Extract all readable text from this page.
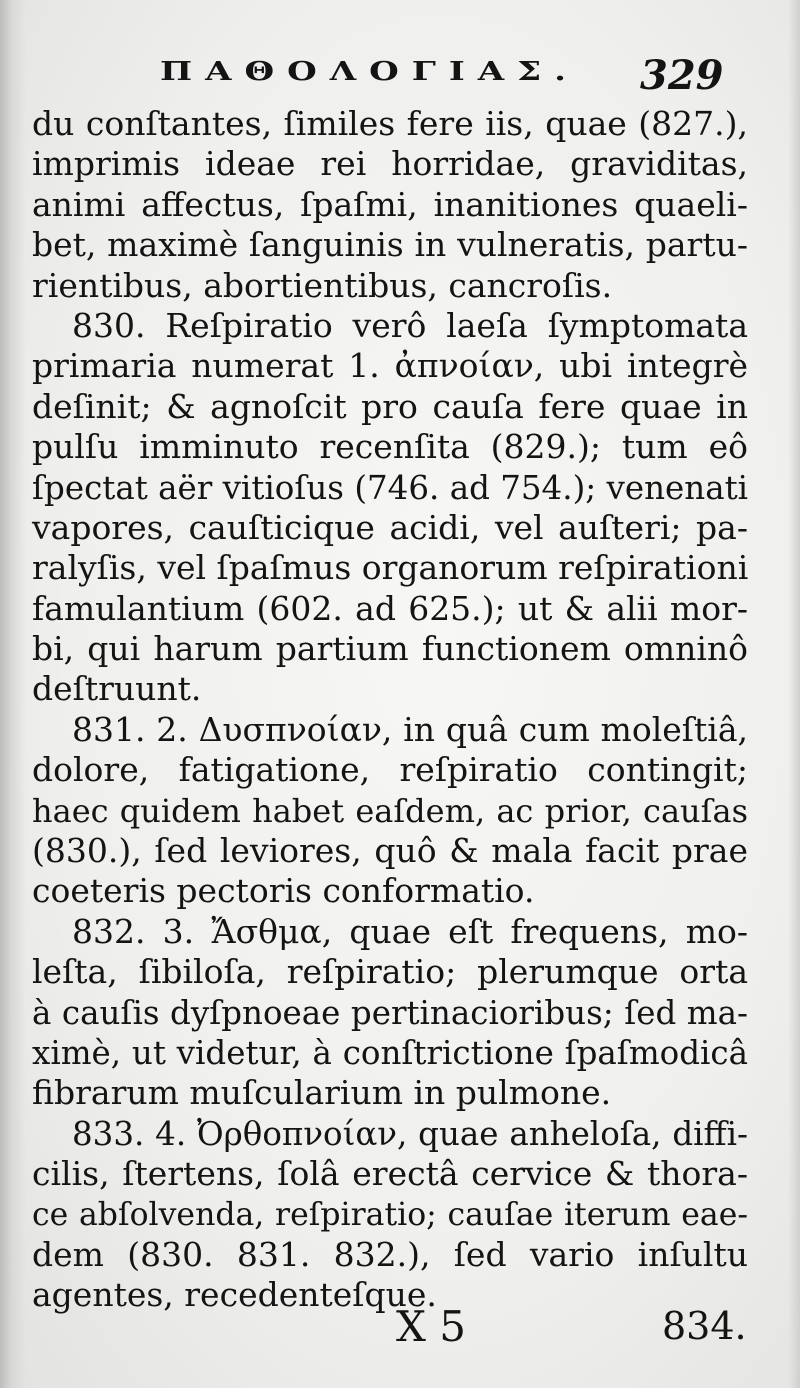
ΠΑΘΟΛΟΓΙΑΣ. 329
du conſtantes, ſimiles fere iis, quae (827.),
imprimis ideae rei horridae, graviditas,
animi affectus, ſpaſmi, inanitiones quaeli-
bet, maximè ſanguinis in vulneratis, partu-
rientibus, abortientibus, cancroſis.
830. Reſpiratio verô laeſa ſymptomata
primaria numerat 1. ἀπνοίαν, ubi integrè
deſinit; & agnoſcit pro cauſa fere quae in
pulſu imminuto recenſita (829.); tum eô
ſpectat aër vitioſus (746. ad 754.); venenati
vapores, cauſticique acidi, vel auſteri; pa-
ralyſis, vel ſpaſmus organorum reſpirationi
famulantium (602. ad 625.); ut & alii mor-
bi, qui harum partium functionem omninô
deſtruunt.
831. 2. Δυσπνοίαν, in quâ cum moleſtiâ,
dolore, fatigatione, reſpiratio contingit;
haec quidem habet eaſdem, ac prior, cauſas
(830.), ſed leviores, quô & mala facit prae
coeteris pectoris conformatio.
832. 3. Ἄσθμα, quae eſt frequens, mo-
leſta, ſibiloſa, reſpiratio; plerumque orta
à cauſis dyſpnoeae pertinacioribus; ſed ma-
ximè, ut videtur, à conſtrictione ſpaſmodicâ
fibrarum muſcularium in pulmone.
833. 4. Ὀρθοπνοίαν, quae anheloſa, diffi-
cilis, ſtertens, ſolâ erectâ cervice & thora-
ce abſolvenda, reſpiratio; cauſae iterum eae-
dem (830. 831. 832.), ſed vario inſultu
agentes, recedenteſque.
X 5	834.
